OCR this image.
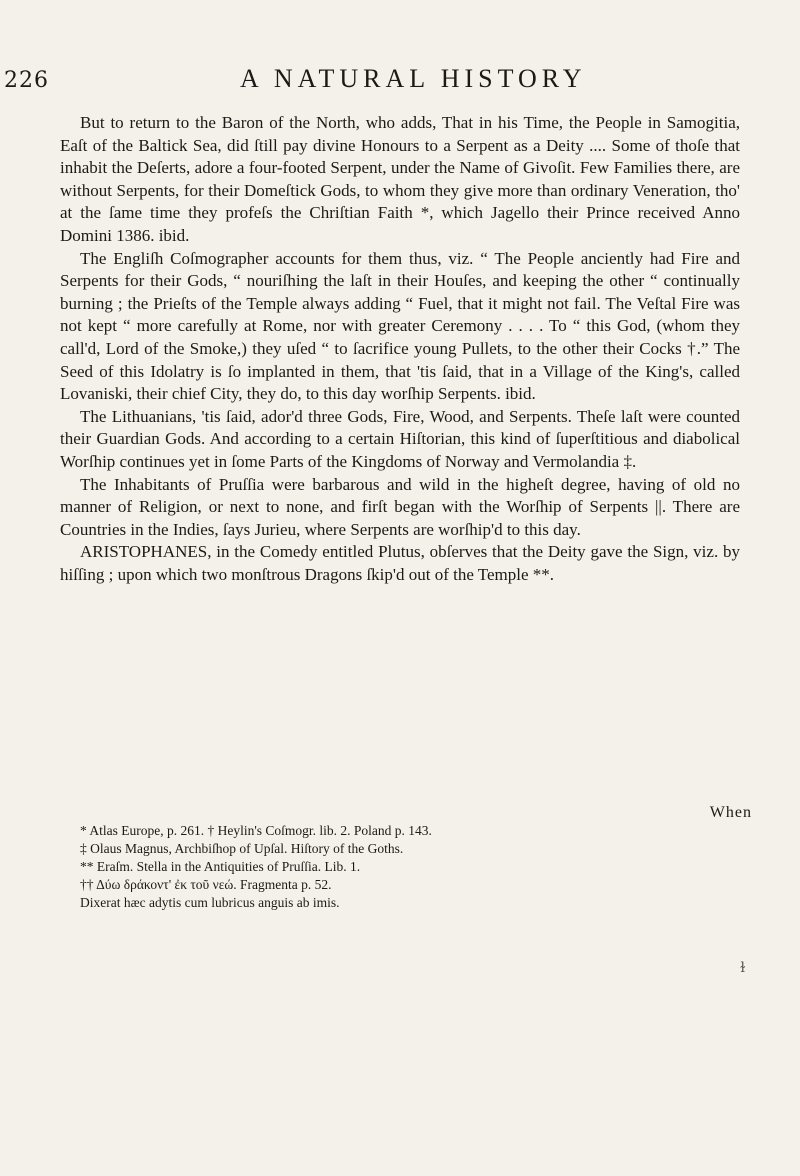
226	A NATURAL HISTORY

But to return to the Baron of the North, who adds, That in his Time, the People in Samogitia, Eaſt of the Baltick Sea, did ſtill pay divine Honours to a Serpent as a Deity .... Some of thoſe that inhabit the Deſerts, adore a four-footed Serpent, under the Name of Givoſit. Few Families there, are without Serpents, for their Domeſtick Gods, to whom they give more than ordinary Veneration, tho' at the ſame time they profeſs the Chriſtian Faith *, which Jagello their Prince received Anno Domini 1386. ibid.

The Engliſh Coſmographer accounts for them thus, viz. “ The People anciently had Fire and Serpents for their Gods, “ nouriſhing the laſt in their Houſes, and keeping the other “ continually burning ; the Prieſts of the Temple always adding “ Fuel, that it might not fail. The Veſtal Fire was not kept “ more carefully at Rome, nor with greater Ceremony . . . . To “ this God, (whom they call'd, Lord of the Smoke,) they uſed “ to ſacrifice young Pullets, to the other their Cocks †.” The Seed of this Idolatry is ſo implanted in them, that 'tis ſaid, that in a Village of the King's, called Lovaniski, their chief City, they do, to this day worſhip Serpents. ibid.

The Lithuanians, 'tis ſaid, ador'd three Gods, Fire, Wood, and Serpents. Theſe laſt were counted their Guardian Gods. And according to a certain Hiſtorian, this kind of ſuperſtitious and diabolical Worſhip continues yet in ſome Parts of the Kingdoms of Norway and Vermolandia ‡.

The Inhabitants of Pruſſia were barbarous and wild in the higheſt degree, having of old no manner of Religion, or next to none, and firſt began with the Worſhip of Serpents ||. There are Countries in the Indies, ſays Jurieu, where Serpents are worſhip'd to this day.

ARISTOPHANES, in the Comedy entitled Plutus, obſerves that the Deity gave the Sign, viz. by hiſſing ; upon which two monſtrous Dragons ſkip'd out of the Temple **.

When
* Atlas Europe, p. 261. † Heylin's Coſmogr. lib. 2. Poland p. 143.
‡ Olaus Magnus, Archbiſhop of Upſal. Hiſtory of the Goths.
** Eraſm. Stella in the Antiquities of Pruſſia. Lib. 1.
†† Δύω δράκοντ' ἐκ τοῦ νεώ. Fragmenta p. 52.
Dixerat hæc adytis cum lubricus anguis ab imis.
ɫ
